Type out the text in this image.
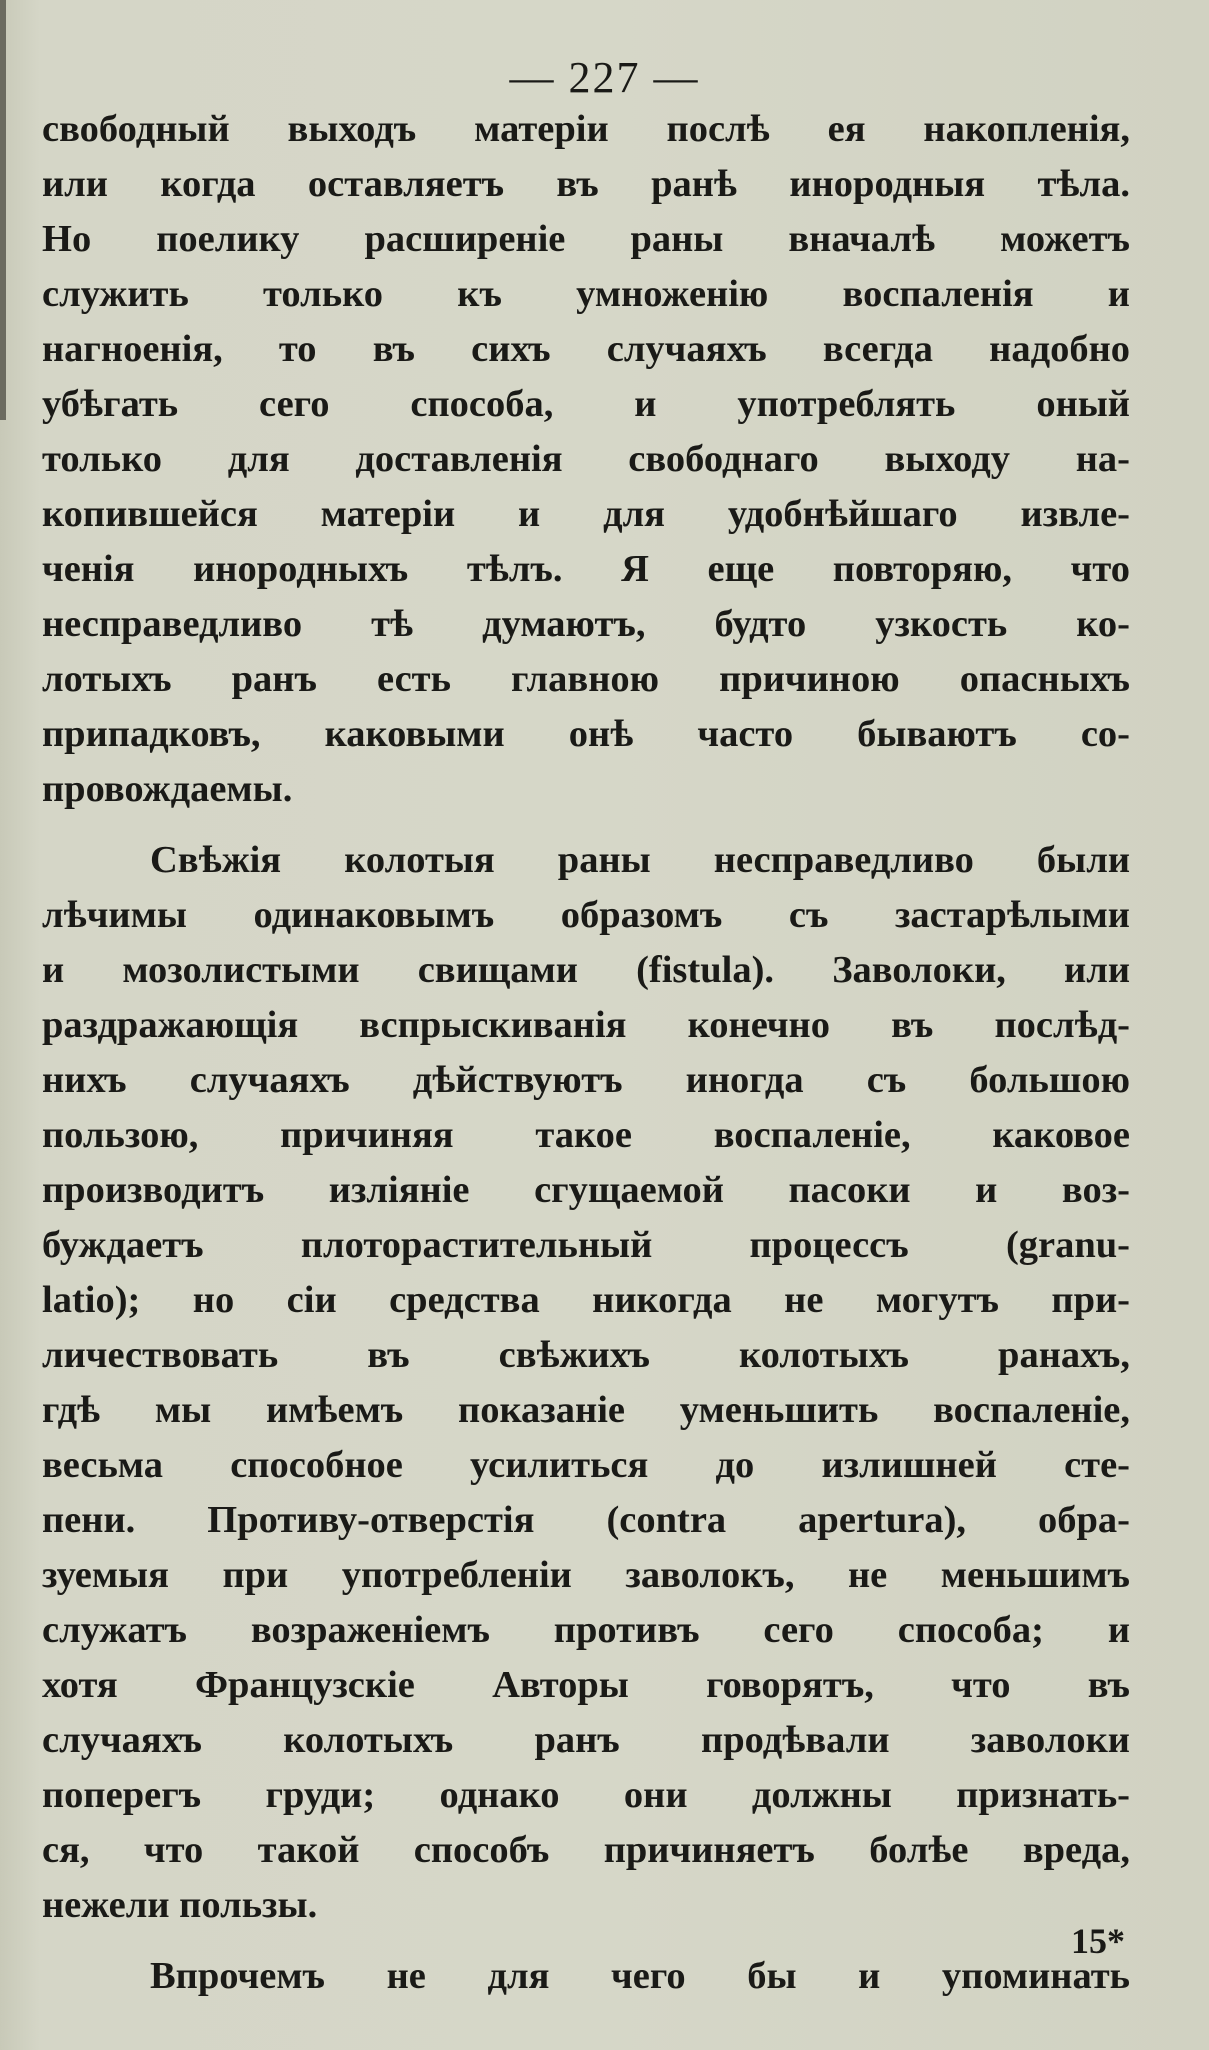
— 227 —
свободный выходъ матеріи послѣ ея накопленія,
или когда оставляетъ въ ранѣ инородныя тѣла.
Но поелику расширеніе раны вначалѣ можетъ
служить только къ умноженію воспаленія и
нагноенія, то въ сихъ случаяхъ всегда надобно
убѣгать сего способа, и употреблять оный
только для доставленія свободнаго выходу на-
копившейся матеріи и для удобнѣйшаго извле-
ченія инородныхъ тѣлъ. Я еще повторяю, что
несправедливо тѣ думаютъ, будто узкость ко-
лотыхъ ранъ есть главною причиною опасныхъ
припадковъ, каковыми онѣ часто бываютъ со-
провождаемы.
Свѣжія колотыя раны несправедливо были
лѣчимы одинаковымъ образомъ съ застарѣлыми
и мозолистыми свищами (fistula). Заволоки, или
раздражающія вспрыскиванія конечно въ послѣд-
нихъ случаяхъ дѣйствуютъ иногда съ большою
пользою, причиняя такое воспаленіе, каковое
производитъ изліяніе сгущаемой пасоки и воз-
буждаетъ плоторастительный процессъ (granu-
latio); но сіи средства никогда не могутъ при-
личествовать въ свѣжихъ колотыхъ ранахъ,
гдѣ мы имѣемъ показаніе уменьшить воспаленіе,
весьма способное усилиться до излишней сте-
пени. Противу-отверстія (contra apertura), обра-
зуемыя при употребленіи заволокъ, не меньшимъ
служатъ возраженіемъ противъ сего способа; и
хотя Французскіе Авторы говорятъ, что въ
случаяхъ колотыхъ ранъ продѣвали заволоки
поперегъ груди; однако они должны признать-
ся, что такой способъ причиняетъ болѣе вреда,
нежели пользы.
Впрочемъ не для чего бы и упоминать
15*
